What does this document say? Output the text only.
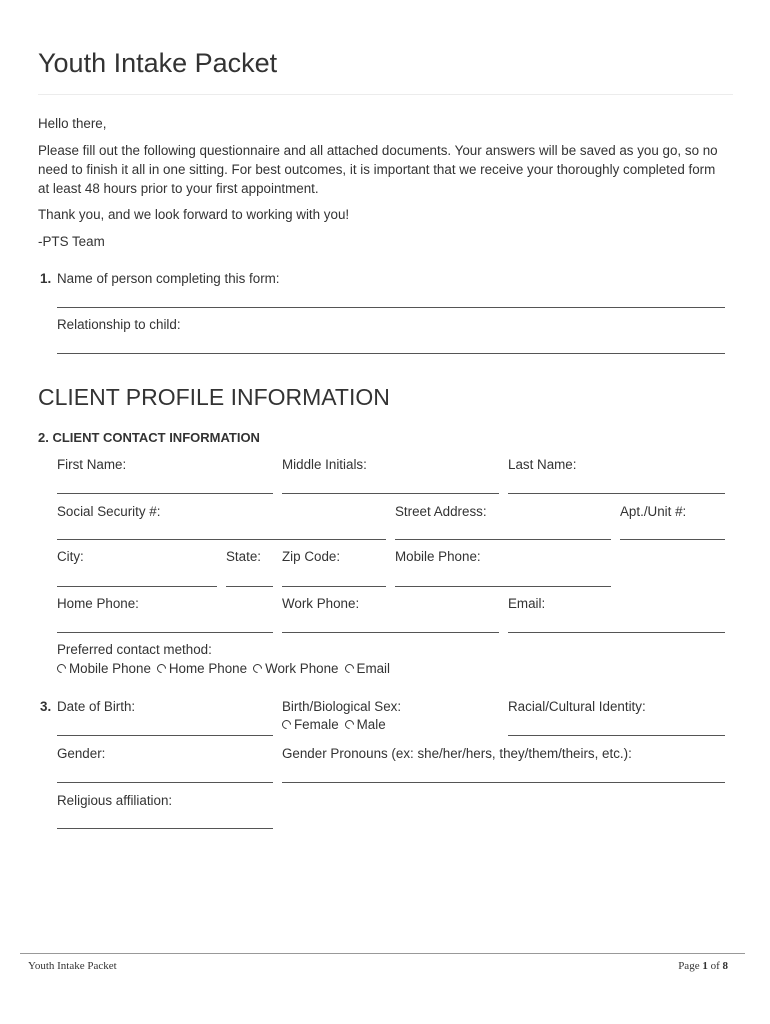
Youth Intake Packet

Hello there,

Please fill out the following questionnaire and all attached documents. Your answers will be saved as you go, so no need to finish it all in one sitting. For best outcomes, it is important that we receive your thoroughly completed form at least 48 hours prior to your first appointment.

Thank you, and we look forward to working with you!

-PTS Team

1. Name of person completing this form:
Relationship to child:
CLIENT PROFILE INFORMATION
2. CLIENT CONTACT INFORMATION
First Name:	Middle Initials:	Last Name:
Social Security #:	Street Address:	Apt./Unit #:
City:	State: Zip Code:	Mobile Phone:
Home Phone:	Work Phone:	Email:
Preferred contact method:
Mobile Phone Home Phone Work Phone Email
3. Date of Birth:	Birth/Biological Sex:	Racial/Cultural Identity:
Female Male
Gender:	Gender Pronouns (ex: she/her/hers, they/them/theirs, etc.):
Religious affiliation:
Youth Intake Packet	Page 1 of 8
